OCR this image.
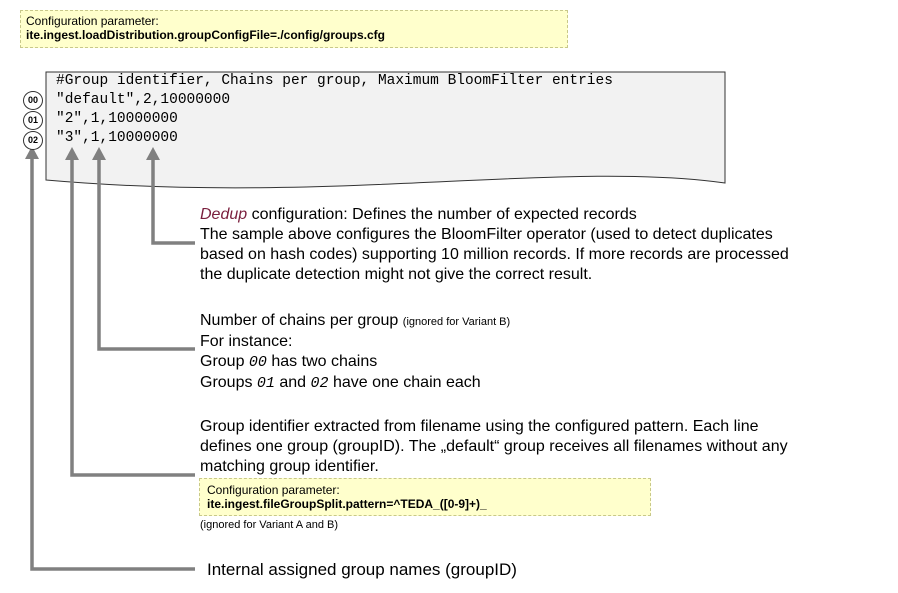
Configuration parameter:
ite.ingest.loadDistribution.groupConfigFile=./config/groups.cfg
#Group identifier, Chains per group, Maximum BloomFilter entries
"default",2,10000000
"2",1,10000000
"3",1,10000000
00
01
02
Dedup configuration: Defines the number of expected records
The sample above configures the BloomFilter operator (used to detect duplicates
based on hash codes) supporting 10 million records. If more records are processed
the duplicate detection might not give the correct result.
Number of chains per group (ignored for Variant B)
For instance:
Group 00 has two chains
Groups 01 and 02 have one chain each
Group identifier extracted from filename using the configured pattern. Each line
defines one group (groupID). The „default“ group receives all filenames without any
matching group identifier.
Configuration parameter:
ite.ingest.fileGroupSplit.pattern=^TEDA_([0-9]+)_
(ignored for Variant A and B)
Internal assigned group names (groupID)
